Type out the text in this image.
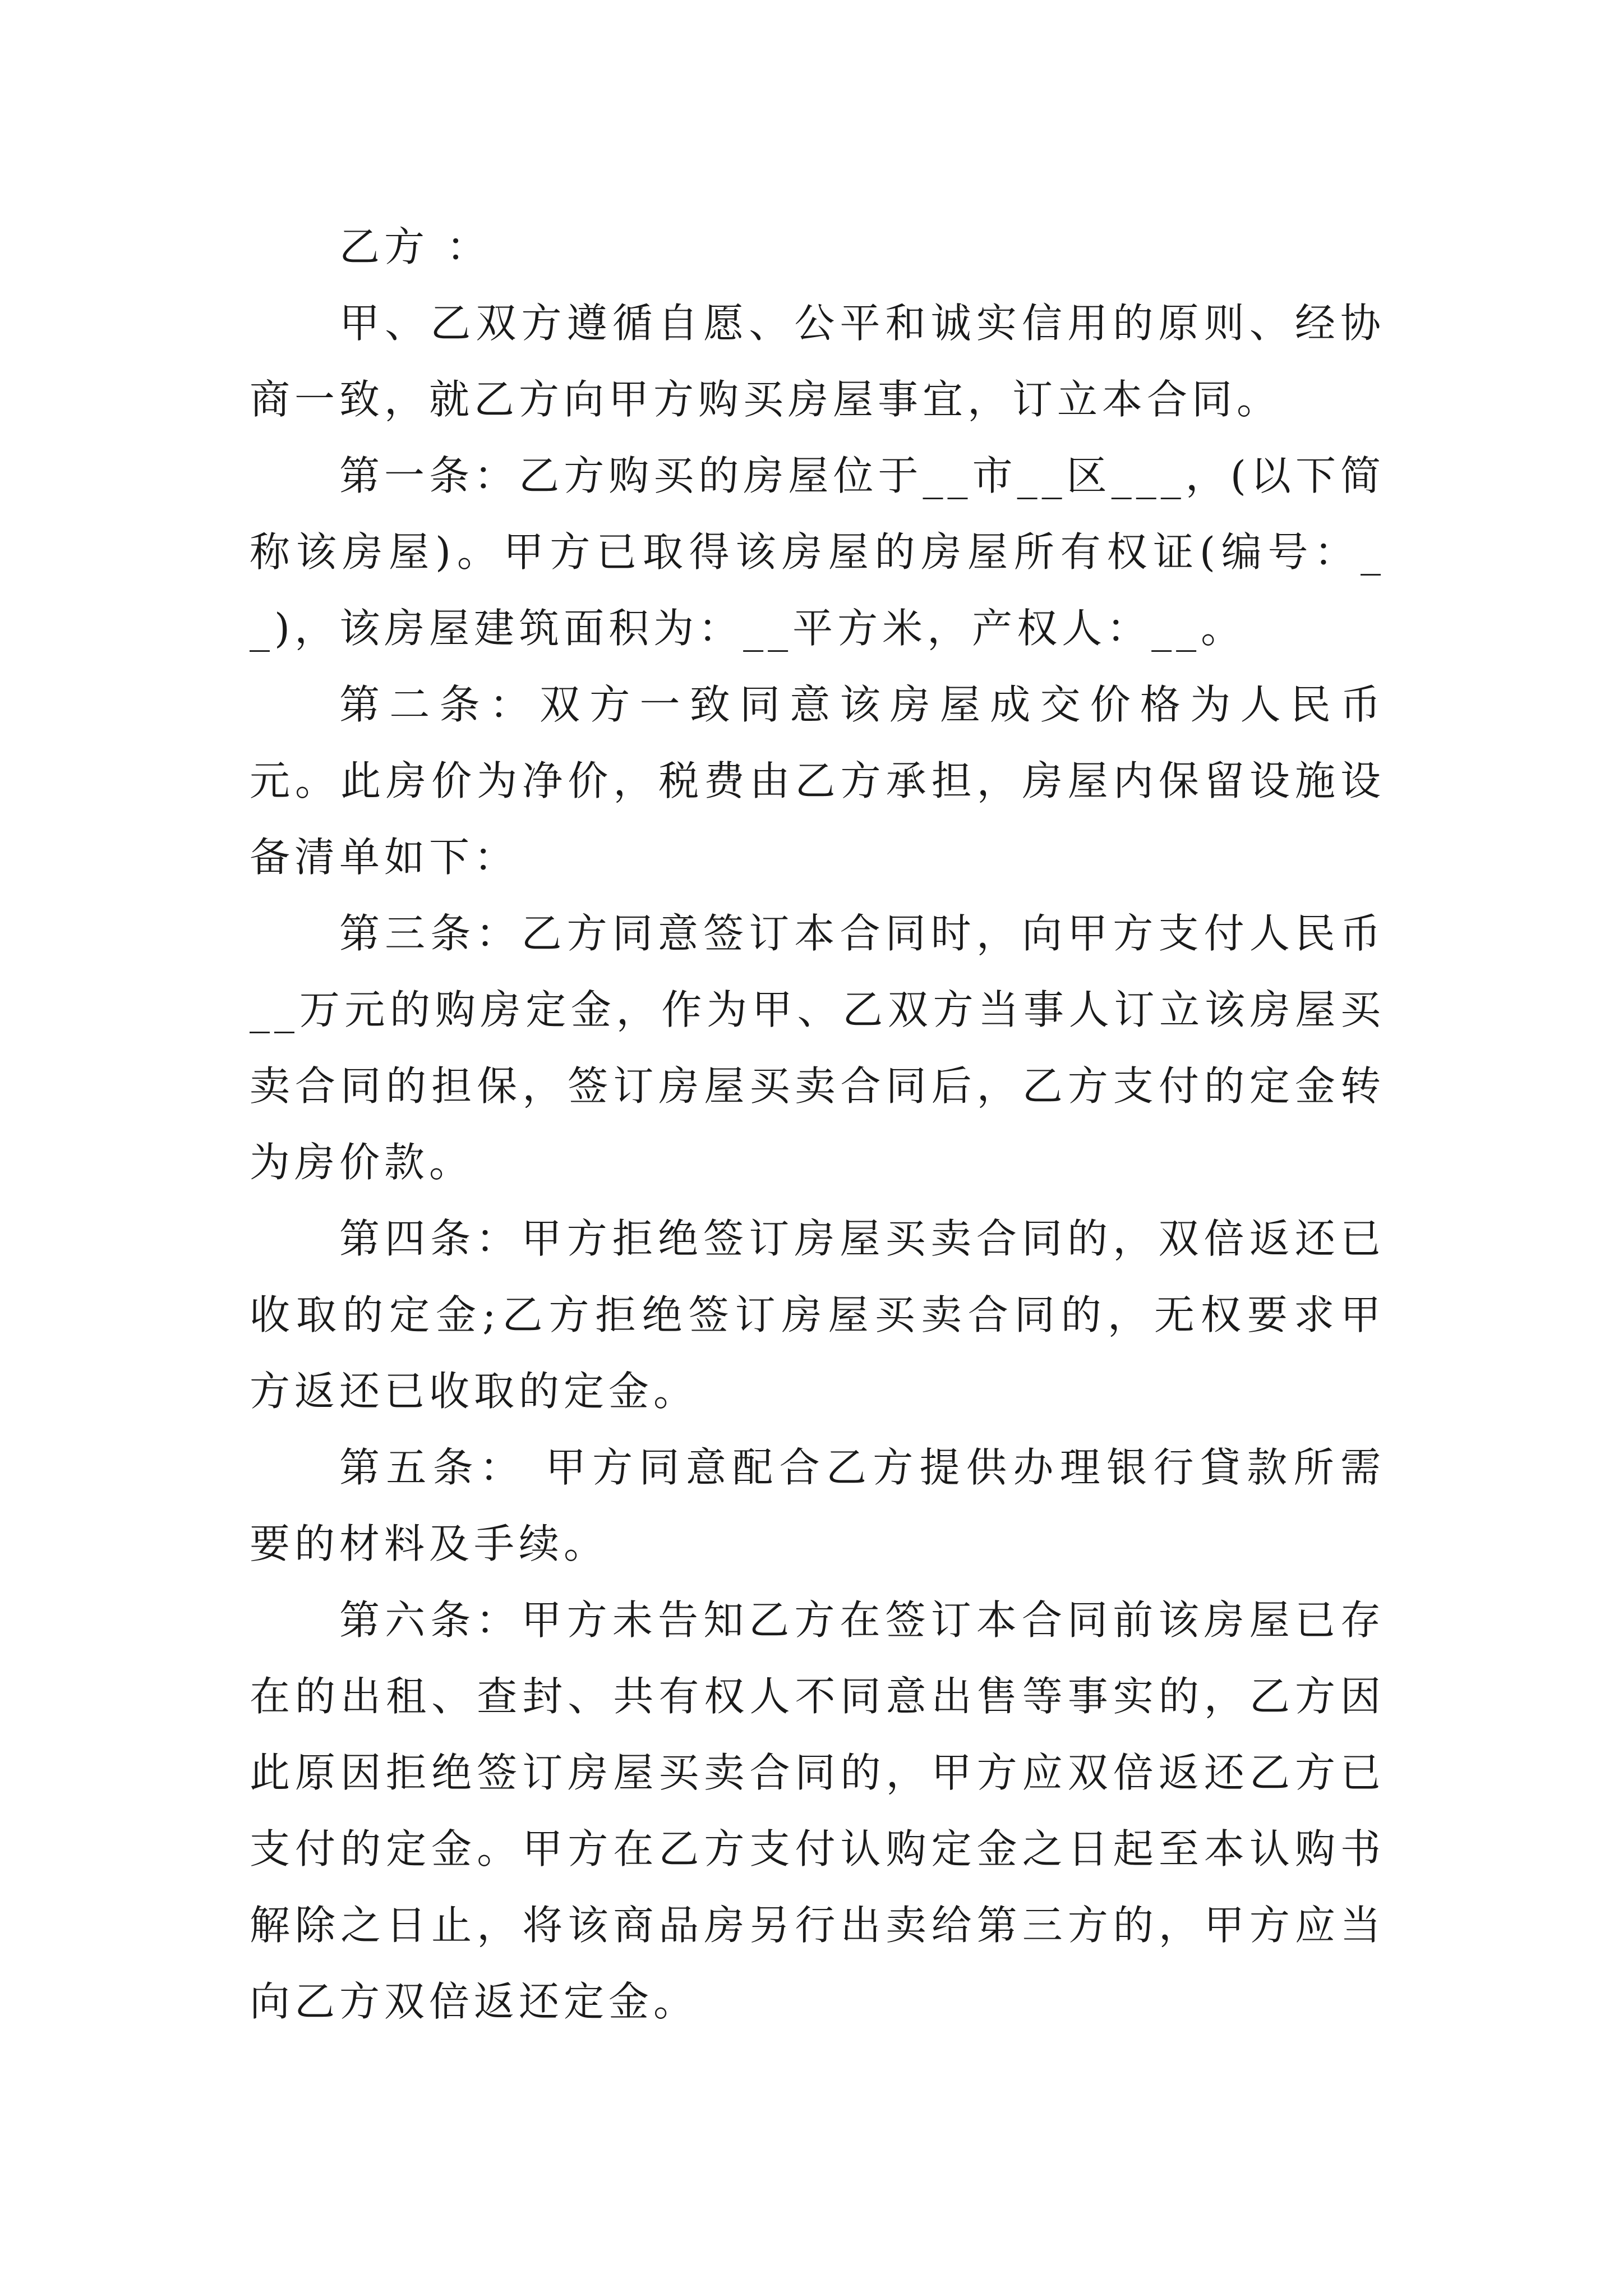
乙方 ：

甲、乙双方遵循自愿、公平和诚实信用的原则、经协商一致，就乙方向甲方购买房屋事宜，订立本合同。

第一条：乙方购买的房屋位于__市__区___，(以下简称该房屋)。甲方已取得该房屋的房屋所有权证(编号：__)，该房屋建筑面积为：__平方米，产权人：__。

第二条：双方一致同意该房屋成交价格为人民币 元。此房价为净价，税费由乙方承担，房屋内保留设施设备清单如下：

第三条：乙方同意签订本合同时，向甲方支付人民币__万元的购房定金，作为甲、乙双方当事人订立该房屋买卖合同的担保，签订房屋买卖合同后，乙方支付的定金转为房价款。

第四条：甲方拒绝签订房屋买卖合同的，双倍返还已收取的定金;乙方拒绝签订房屋买卖合同的，无权要求甲方返还已收取的定金。

第五条： 甲方同意配合乙方提供办理银行貸款所需要的材料及手续。

第六条：甲方未告知乙方在签订本合同前该房屋已存在的出租、查封、共有权人不同意出售等事实的，乙方因此原因拒绝签订房屋买卖合同的，甲方应双倍返还乙方已支付的定金。甲方在乙方支付认购定金之日起至本认购书解除之日止，将该商品房另行出卖给第三方的，甲方应当向乙方双倍返还定金。
